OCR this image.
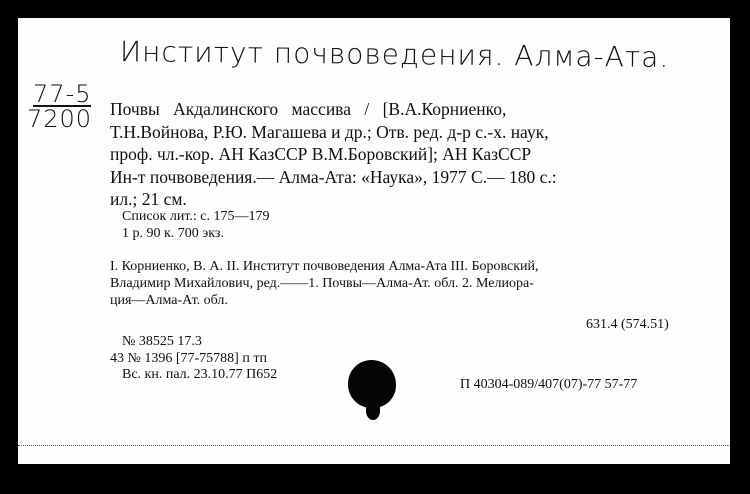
Институт почвоведения. Алма-Ата.
77-5
7200 Почвы Акдалинского массива / [В.А.Корниенко,
Т.Н.Войнова, Р.Ю. Магашева и др.; Отв. ред. д-р с.-х. наук,
проф. чл.-кор. АН КазССР В.М.Боровский]; АН КазССР
Ин-т почвоведения.— Алма-Ата: «Наука», 1977 С.— 180 с.:
ил.; 21 см.
Список лит.: с. 175—179
1 р. 90 к. 700 экз.
I. Корниенко, В. А. II. Институт почвоведения Алма-Ата III. Боровский,
Владимир Михайлович, ред.——1. Почвы—Алма-Ат. обл. 2. Мелиора-
ция—Алма-Ат. обл.
631.4 (574.51)
№ 38525 17.3
43 № 1396 [77-75788] п тп
Вс. кн. пал. 23.10.77 П652
П 40304-089/407(07)-77 57-77
